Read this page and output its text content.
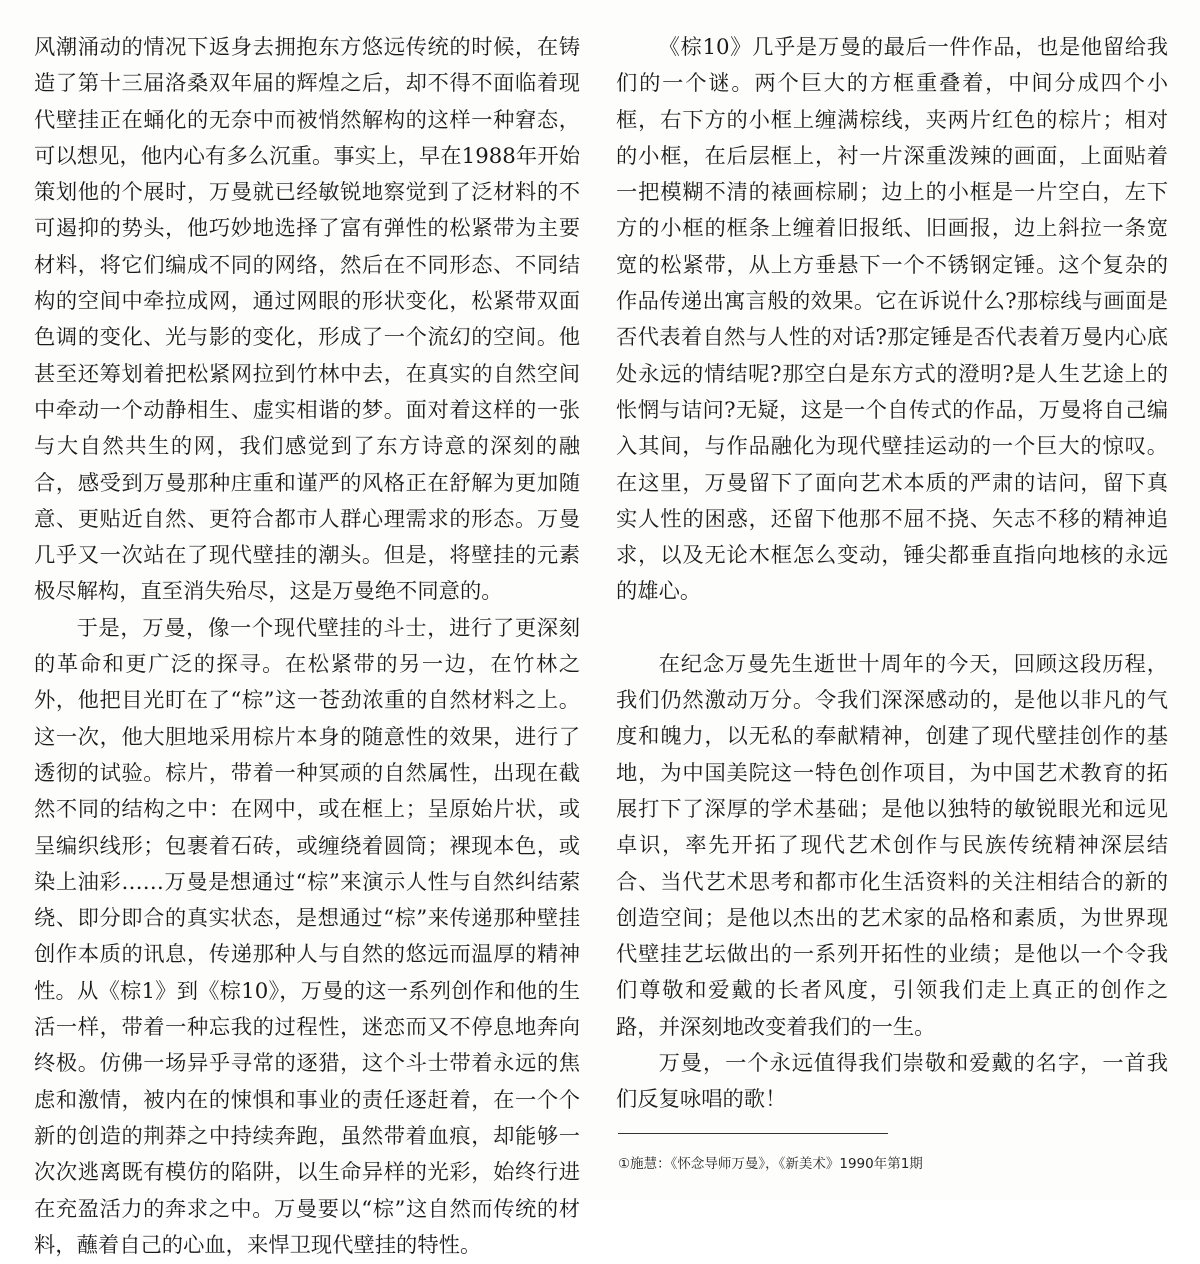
风潮涌动的情况下返身去拥抱东方悠远传统的时候，在铸造了第十三届洛桑双年届的辉煌之后，却不得不面临着现代壁挂正在蛹化的无奈中而被悄然解构的这样一种窘态，可以想见，他内心有多么沉重。事实上，早在1988年开始策划他的个展时，万曼就已经敏锐地察觉到了泛材料的不可遏抑的势头，他巧妙地选择了富有弹性的松紧带为主要材料，将它们编成不同的网络，然后在不同形态、不同结构的空间中牵拉成网，通过网眼的形状变化，松紧带双面色调的变化、光与影的变化，形成了一个流幻的空间。他甚至还筹划着把松紧网拉到竹林中去，在真实的自然空间中牵动一个动静相生、虚实相谐的梦。面对着这样的一张与大自然共生的网，我们感觉到了东方诗意的深刻的融合，感受到万曼那种庄重和谨严的风格正在舒解为更加随意、更贴近自然、更符合都市人群心理需求的形态。万曼几乎又一次站在了现代壁挂的潮头。但是，将壁挂的元素极尽解构，直至消失殆尽，这是万曼绝不同意的。

于是，万曼，像一个现代壁挂的斗士，进行了更深刻的革命和更广泛的探寻。在松紧带的另一边，在竹林之外，他把目光盯在了“棕”这一苍劲浓重的自然材料之上。这一次，他大胆地采用棕片本身的随意性的效果，进行了透彻的试验。棕片，带着一种冥顽的自然属性，出现在截然不同的结构之中：在网中，或在框上；呈原始片状，或呈编织线形；包裹着石砖，或缠绕着圆筒；裸现本色，或染上油彩……万曼是想通过“棕”来演示人性与自然纠结萦绕、即分即合的真实状态，是想通过“棕”来传递那种壁挂创作本质的讯息，传递那种人与自然的悠远而温厚的精神性。从《棕1》到《棕10》，万曼的这一系列创作和他的生活一样，带着一种忘我的过程性，迷恋而又不停息地奔向终极。仿佛一场异乎寻常的逐猎，这个斗士带着永远的焦虑和激情，被内在的悚惧和事业的责任逐赶着，在一个个新的创造的荆莽之中持续奔跑，虽然带着血痕，却能够一次次逃离既有模仿的陷阱，以生命异样的光彩，始终行进在充盈活力的奔求之中。万曼要以“棕”这自然而传统的材料，蘸着自己的心血，来悍卫现代壁挂的特性。

《棕10》几乎是万曼的最后一件作品，也是他留给我们的一个谜。两个巨大的方框重叠着，中间分成四个小框，右下方的小框上缠满棕线，夹两片红色的棕片；相对的小框，在后层框上，衬一片深重泼辣的画面，上面贴着一把模糊不清的裱画棕刷；边上的小框是一片空白，左下方的小框的框条上缠着旧报纸、旧画报，边上斜拉一条宽宽的松紧带，从上方垂悬下一个不锈钢定锤。这个复杂的作品传递出寓言般的效果。它在诉说什么?那棕线与画面是否代表着自然与人性的对话?那定锤是否代表着万曼内心底处永远的情结呢?那空白是东方式的澄明?是人生艺途上的怅惘与诘问?无疑，这是一个自传式的作品，万曼将自己编入其间，与作品融化为现代壁挂运动的一个巨大的惊叹。在这里，万曼留下了面向艺术本质的严肃的诘问，留下真实人性的困惑，还留下他那不屈不挠、矢志不移的精神追求，以及无论木框怎么变动，锤尖都垂直指向地核的永远的雄心。

在纪念万曼先生逝世十周年的今天，回顾这段历程，我们仍然激动万分。令我们深深感动的，是他以非凡的气度和魄力，以无私的奉献精神，创建了现代壁挂创作的基地，为中国美院这一特色创作项目，为中国艺术教育的拓展打下了深厚的学术基础；是他以独特的敏锐眼光和远见卓识，率先开拓了现代艺术创作与民族传统精神深层结合、当代艺术思考和都市化生活资料的关注相结合的新的创造空间；是他以杰出的艺术家的品格和素质，为世界现代壁挂艺坛做出的一系列开拓性的业绩；是他以一个令我们尊敬和爱戴的长者风度，引领我们走上真正的创作之路，并深刻地改变着我们的一生。

万曼，一个永远值得我们崇敬和爱戴的名字，一首我们反复咏唱的歌！

①施慧：《怀念导师万曼》，《新美术》1990年第1期
